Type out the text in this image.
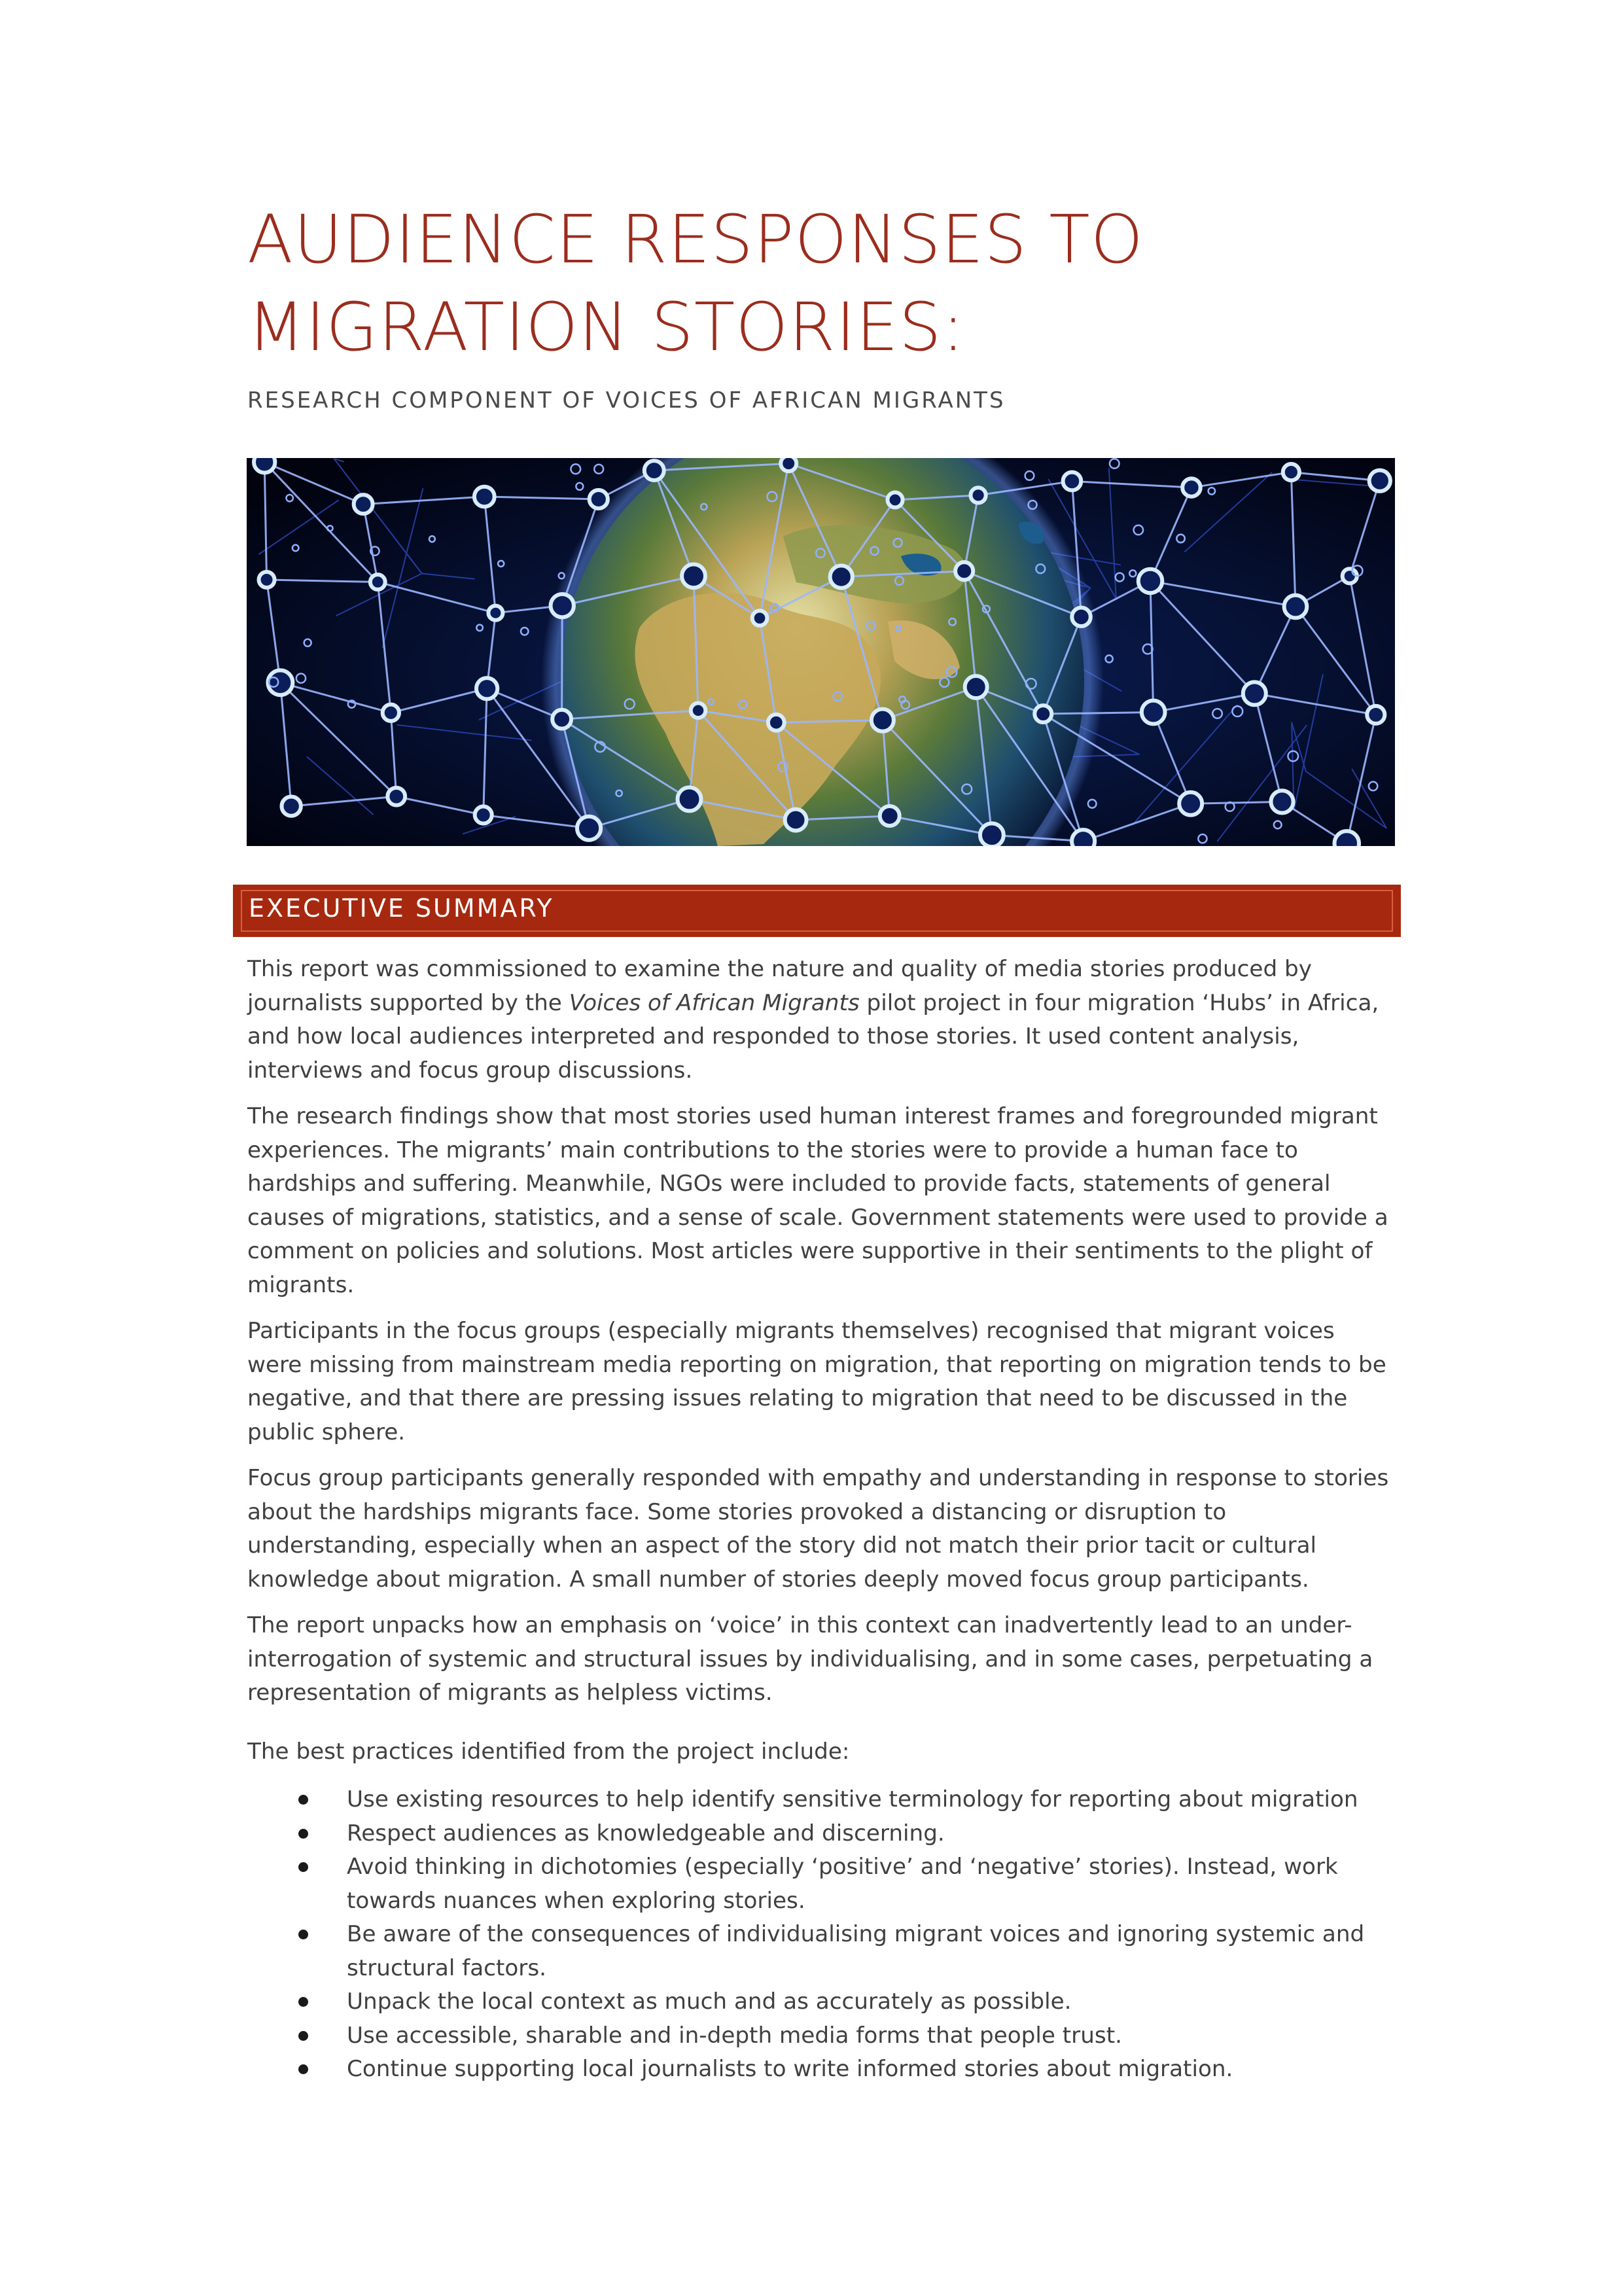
AUDIENCE RESPONSES TO
MIGRATION STORIES:

RESEARCH COMPONENT OF VOICES OF AFRICAN MIGRANTS

EXECUTIVE SUMMARY

This report was commissioned to examine the nature and quality of media stories produced by journalists supported by the Voices of African Migrants pilot project in four migration ‘Hubs’ in Africa, and how local audiences interpreted and responded to those stories. It used content analysis, interviews and focus group discussions.

The research findings show that most stories used human interest frames and foregrounded migrant experiences. The migrants’ main contributions to the stories were to provide a human face to hardships and suffering. Meanwhile, NGOs were included to provide facts, statements of general causes of migrations, statistics, and a sense of scale. Government statements were used to provide a comment on policies and solutions. Most articles were supportive in their sentiments to the plight of migrants.

Participants in the focus groups (especially migrants themselves) recognised that migrant voices were missing from mainstream media reporting on migration, that reporting on migration tends to be negative, and that there are pressing issues relating to migration that need to be discussed in the public sphere.

Focus group participants generally responded with empathy and understanding in response to stories about the hardships migrants face. Some stories provoked a distancing or disruption to understanding, especially when an aspect of the story did not match their prior tacit or cultural knowledge about migration. A small number of stories deeply moved focus group participants.

The report unpacks how an emphasis on ‘voice’ in this context can inadvertently lead to an under-interrogation of systemic and structural issues by individualising, and in some cases, perpetuating a representation of migrants as helpless victims.

The best practices identified from the project include:

Use existing resources to help identify sensitive terminology for reporting about migration
Respect audiences as knowledgeable and discerning.
Avoid thinking in dichotomies (especially ‘positive’ and ‘negative’ stories). Instead, work towards nuances when exploring stories.
Be aware of the consequences of individualising migrant voices and ignoring systemic and structural factors.
Unpack the local context as much and as accurately as possible.
Use accessible, sharable and in-depth media forms that people trust.
Continue supporting local journalists to write informed stories about migration.
